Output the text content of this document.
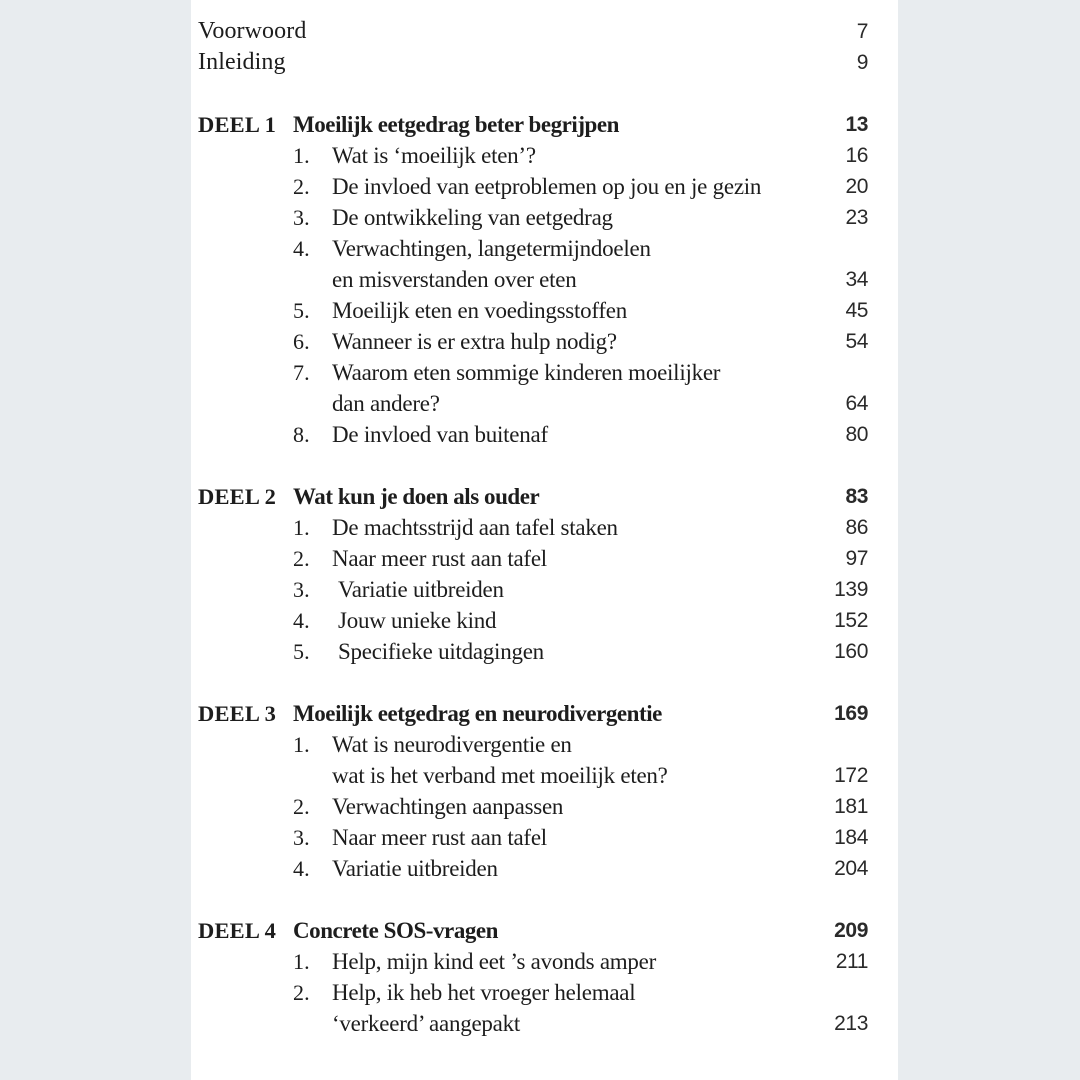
Voorwoord	7
Inleiding	9
DEEL 1 Moeilijk eetgedrag beter begrijpen	13
1. Wat is ‘moeilijk eten’?	16
2. De invloed van eetproblemen op jou en je gezin	20
3. De ontwikkeling van eetgedrag	23
4. Verwachtingen, langetermijndoelen
en misverstanden over eten	34
5. Moeilijk eten en voedingsstoffen	45
6. Wanneer is er extra hulp nodig?	54
7. Waarom eten sommige kinderen moeilijker
dan andere?	64
8. De invloed van buitenaf	80
DEEL 2 Wat kun je doen als ouder	83
1. De machtsstrijd aan tafel staken	86
2. Naar meer rust aan tafel	97
3.	Variatie uitbreiden	139
4.	Jouw unieke kind	152
5.	Specifieke uitdagingen	160
DEEL 3 Moeilijk eetgedrag en neurodivergentie	169
1. Wat is neurodivergentie en
wat is het verband met moeilijk eten?	172
2. Verwachtingen aanpassen	181
3. Naar meer rust aan tafel	184
4. Variatie uitbreiden	204
DEEL 4 Concrete SOS-vragen	209
1. Help, mijn kind eet ’s avonds amper	211
2. Help, ik heb het vroeger helemaal
‘verkeerd’ aangepakt	213
